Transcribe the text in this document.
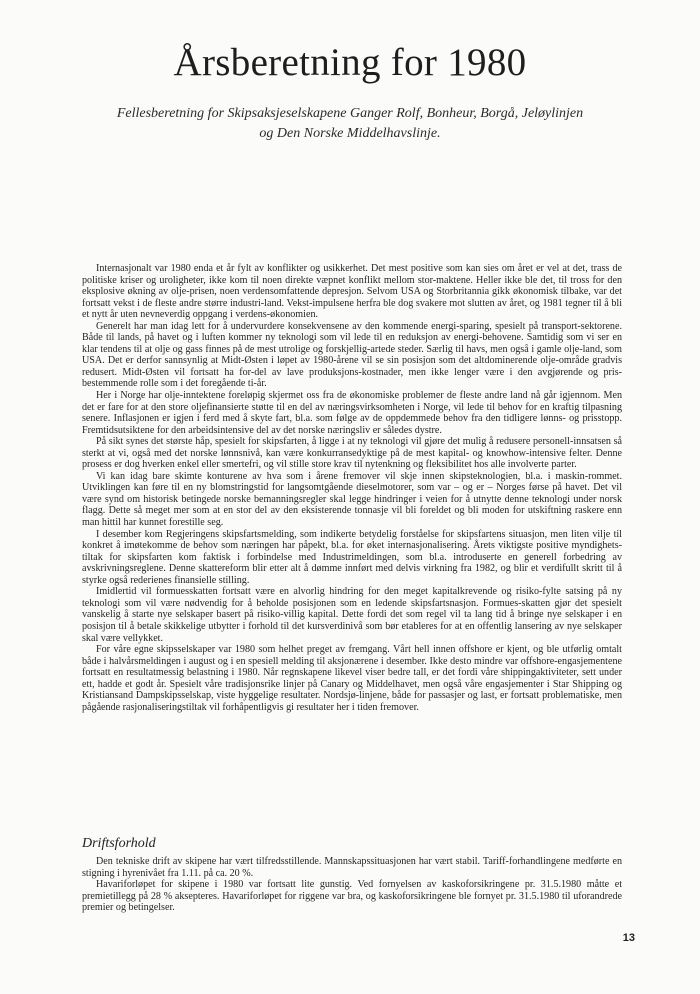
Årsberetning for 1980

Fellesberetning for Skipsaksjeselskapene Ganger Rolf, Bonheur, Borgå, Jeløylinjen og Den Norske Middelhavslinje.

Internasjonalt var 1980 enda et år fylt av konflikter og usikkerhet. Det mest positive som kan sies om året er vel at det, trass de politiske kriser og uroligheter, ikke kom til noen direkte væpnet konflikt mellom stor-maktene. Heller ikke ble det, til tross for den eksplosive økning av olje-prisen, noen verdensomfattende depresjon. Selvom USA og Storbritannia gikk økonomisk tilbake, var det fortsatt vekst i de fleste andre større industri-land. Vekst-impulsene herfra ble dog svakere mot slutten av året, og 1981 tegner til å bli et nytt år uten nevneverdig oppgang i verdens-økonomien.

Generelt har man idag lett for å undervurdere konsekvensene av den kommende energi-sparing, spesielt på transport-sektorene. Både til lands, på havet og i luften kommer ny teknologi som vil lede til en reduksjon av energi-behovene. Samtidig som vi ser en klar tendens til at olje og gass finnes på de mest utrolige og forskjellig-artede steder. Særlig til havs, men også i gamle olje-land, som USA. Det er derfor sannsynlig at Midt-Østen i løpet av 1980-årene vil se sin posisjon som det altdominerende olje-område gradvis redusert. Midt-Østen vil fortsatt ha for-del av lave produksjons-kostnader, men ikke lenger være i den avgjørende og pris-bestemmende rolle som i det foregående ti-år.

Her i Norge har olje-inntektene foreløpig skjermet oss fra de økonomiske problemer de fleste andre land nå går igjennom. Men det er fare for at den store oljefinansierte støtte til en del av næringsvirksomheten i Norge, vil lede til behov for en kraftig tilpasning senere. Inflasjonen er igjen i ferd med å skyte fart, bl.a. som følge av de oppdemmede behov fra den tidligere lønns- og prisstopp. Fremtidsutsiktene for den arbeidsintensive del av det norske næringsliv er således dystre.

På sikt synes det største håp, spesielt for skipsfarten, å ligge i at ny teknologi vil gjøre det mulig å redusere personell-innsatsen så sterkt at vi, også med det norske lønnsnivå, kan være konkurransedyktige på de mest kapital- og knowhow-intensive felter. Denne prosess er dog hverken enkel eller smertefri, og vil stille store krav til nytenkning og fleksibilitet hos alle involverte parter.

Vi kan idag bare skimte konturene av hva som i årene fremover vil skje innen skipsteknologien, bl.a. i maskin-rommet. Utviklingen kan føre til en ny blomstringstid for langsomtgående dieselmotorer, som var – og er – Norges førse på havet. Det vil være synd om historisk betingede norske bemanningsregler skal legge hindringer i veien for å utnytte denne teknologi under norsk flagg. Dette så meget mer som at en stor del av den eksisterende tonnasje vil bli foreldet og bli moden for utskiftning raskere enn man hittil har kunnet forestille seg.

I desember kom Regjeringens skipsfartsmelding, som indikerte betydelig forståelse for skipsfartens situasjon, men liten vilje til konkret å imøtekomme de behov som næringen har påpekt, bl.a. for øket internasjonalisering. Årets viktigste positive myndighets-tiltak for skipsfarten kom faktisk i forbindelse med Industrimeldingen, som bl.a. introduserte en generell forbedring av avskrivningsreglene. Denne skattereform blir etter alt å dømme innført med delvis virkning fra 1982, og blir et verdifullt skritt til å styrke også rederienes finansielle stilling.

Imidlertid vil formuesskatten fortsatt være en alvorlig hindring for den meget kapitalkrevende og risiko-fylte satsing på ny teknologi som vil være nødvendig for å beholde posisjonen som en ledende skipsfartsnasjon. Formues-skatten gjør det spesielt vanskelig å starte nye selskaper basert på risiko-villig kapital. Dette fordi det som regel vil ta lang tid å bringe nye selskaper i en posisjon til å betale skikkelige utbytter i forhold til det kursverdinivå som bør etableres for at en offentlig lansering av nye selskaper skal være vellykket.

For våre egne skipsselskaper var 1980 som helhet preget av fremgang. Vårt hell innen offshore er kjent, og ble utførlig omtalt både i halvårsmeldingen i august og i en spesiell melding til aksjonærene i desember. Ikke desto mindre var offshore-engasjementene fortsatt en resultatmessig belastning i 1980. Når regnskapene likevel viser bedre tall, er det fordi våre shippingaktiviteter, sett under ett, hadde et godt år. Spesielt våre tradisjonsrike linjer på Canary og Middelhavet, men også våre engasjementer i Star Shipping og Kristiansand Dampskipsselskap, viste hyggelige resultater. Nordsjø-linjene, både for passasjer og last, er fortsatt problematiske, men pågående rasjonaliseringstiltak vil forhåpentligvis gi resultater her i tiden fremover.

Driftsforhold

Den tekniske drift av skipene har vært tilfredsstillende. Mannskapssituasjonen har vært stabil. Tariff-forhandlingene medførte en stigning i hyrenivået fra 1.11. på ca. 20 %.

Havariforløpet for skipene i 1980 var fortsatt lite gunstig. Ved fornyelsen av kaskoforsikringene pr. 31.5.1980 måtte et premietillegg på 28 % aksepteres. Havariforløpet for riggene var bra, og kaskoforsikringene ble fornyet pr. 31.5.1980 til uforandrede premier og betingelser.

13
